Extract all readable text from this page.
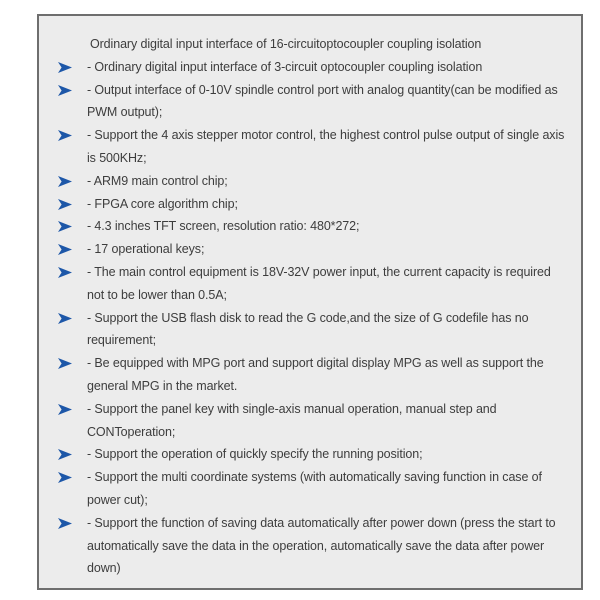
Ordinary digital input interface of 16-circuitoptocoupler coupling isolation
- Ordinary digital input interface of 3-circuit optocoupler coupling isolation
- Output interface of 0-10V spindle control port with analog quantity(can be modified as PWM output);
- Support the 4 axis stepper motor control, the highest control pulse output of single axis is 500KHz;
- ARM9 main control chip;
- FPGA core algorithm chip;
- 4.3 inches TFT screen, resolution ratio: 480*272;
- 17 operational keys;
- The main control equipment is 18V-32V power input, the current capacity is required not to be lower than 0.5A;
- Support the USB flash disk to read the G code,and the size of G codefile has no requirement;
- Be equipped with MPG port and support digital display MPG as well as support the general MPG in the market.
- Support the panel key with single-axis manual operation, manual step and CONToperation;
- Support the operation of quickly specify the running position;
- Support the multi coordinate systems (with automatically saving function in case of power cut);
- Support the function of saving data automatically after power down (press the start to automatically save the data in the operation, automatically save the data after power down)
